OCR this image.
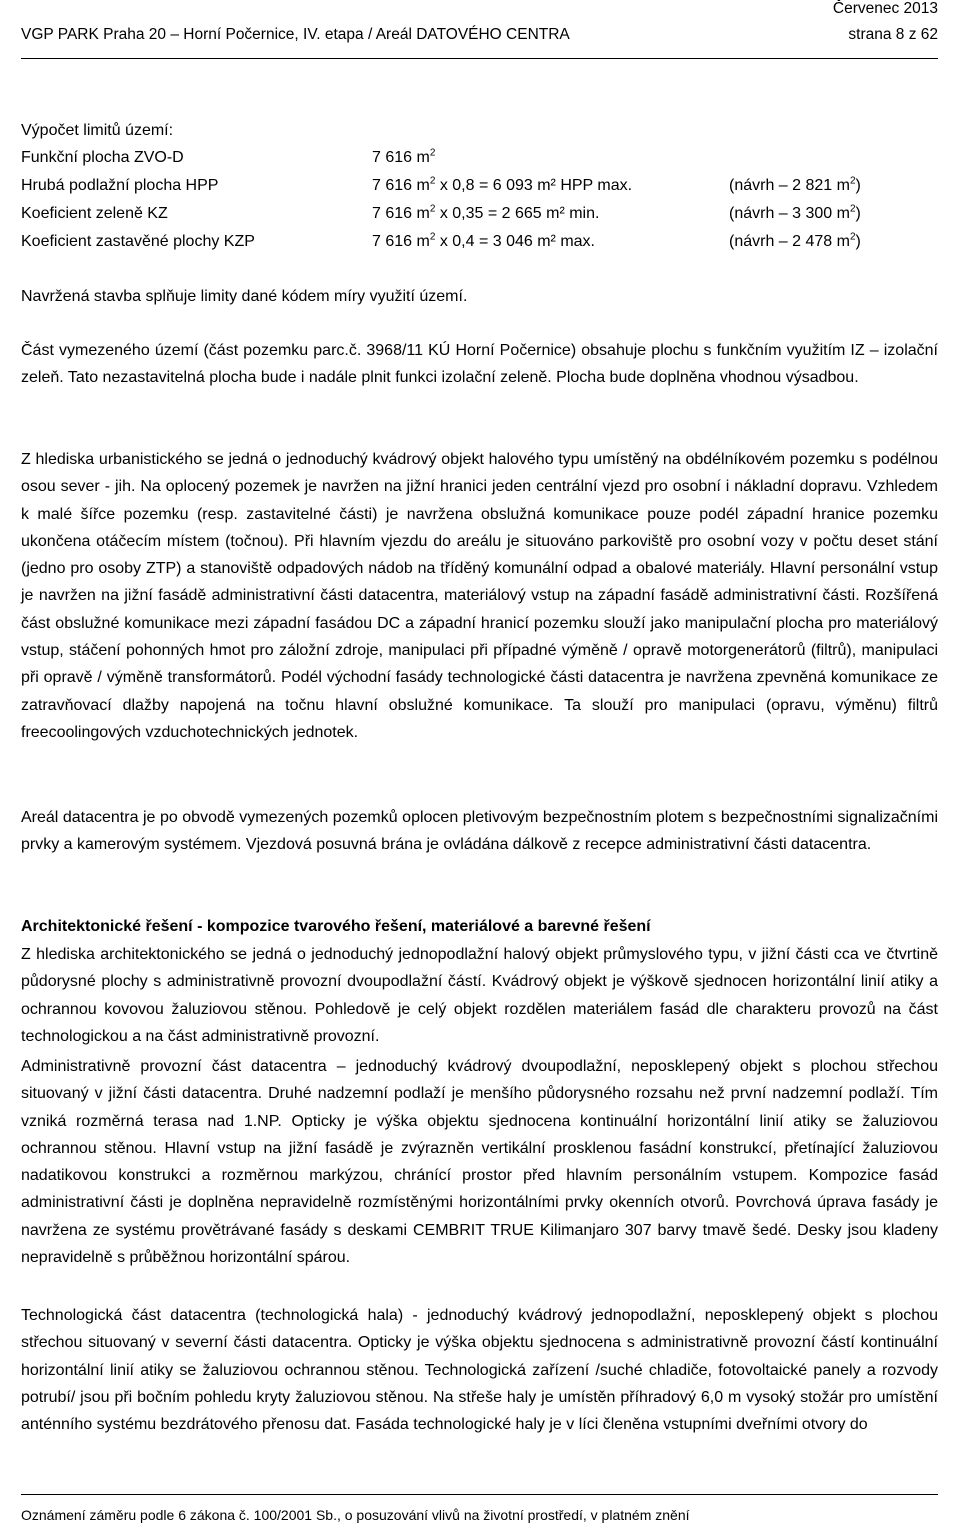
Červenec 2013
VGP PARK Praha 20 – Horní Počernice, IV. etapa / Areál DATOVÉHO CENTRA	strana 8 z 62
Výpočet limitů území:
Funkční plocha ZVO-D	7 616 $m^2$
Hrubá podlažní plocha HPP	7 616 $m^2$ x 0,8 = 6 093 m² HPP max.	(návrh – 2 821 $m^2$)
Koeficient zeleně KZ	7 616 $m^2$ x 0,35 = 2 665 m² min.	(návrh – 3 300 $m^2$)
Koeficient zastavěné plochy KZP	7 616 $m^2$ x 0,4 = 3 046 m² max.	(návrh – 2 478 $m^2$)

Navržená stavba splňuje limity dané kódem míry využití území.

Část vymezeného území (část pozemku parc.č. 3968/11 KÚ Horní Počernice) obsahuje plochu s funkčním využitím IZ – izolační zeleň. Tato nezastavitelná plocha bude i nadále plnit funkci izolační zeleně. Plocha bude doplněna vhodnou výsadbou.

Z hlediska urbanistického se jedná o jednoduchý kvádrový objekt halového typu umístěný na obdélníkovém pozemku s podélnou osou sever - jih. Na oplocený pozemek je navržen na jižní hranici jeden centrální vjezd pro osobní i nákladní dopravu. Vzhledem k malé šířce pozemku (resp. zastavitelné části) je navržena obslužná komunikace pouze podél západní hranice pozemku ukončena otáčecím místem (točnou). Při hlavním vjezdu do areálu je situováno parkoviště pro osobní vozy v počtu deset stání (jedno pro osoby ZTP) a stanoviště odpadových nádob na tříděný komunální odpad a obalové materiály. Hlavní personální vstup je navržen na jižní fasádě administrativní části datacentra, materiálový vstup na západní fasádě administrativní části. Rozšířená část obslužné komunikace mezi západní fasádou DC a západní hranicí pozemku slouží jako manipulační plocha pro materiálový vstup, stáčení pohonných hmot pro záložní zdroje, manipulaci při případné výměně / opravě motorgenerátorů (filtrů), manipulaci při opravě / výměně transformátorů. Podél východní fasády technologické části datacentra je navržena zpevněná komunikace ze zatravňovací dlažby napojená na točnu hlavní obslužné komunikace. Ta slouží pro manipulaci (opravu, výměnu) filtrů freecoolingových vzduchotechnických jednotek.

Areál datacentra je po obvodě vymezených pozemků oplocen pletivovým bezpečnostním plotem s bezpečnostními signalizačními prvky a kamerovým systémem. Vjezdová posuvná brána je ovládána dálkově z recepce administrativní části datacentra.

Architektonické řešení - kompozice tvarového řešení, materiálové a barevné řešení

Z hlediska architektonického se jedná o jednoduchý jednopodlažní halový objekt průmyslového typu, v jižní části cca ve čtvrtině půdorysné plochy s administrativně provozní dvoupodlažní částí. Kvádrový objekt je výškově sjednocen horizontální linií atiky a ochrannou kovovou žaluziovou stěnou. Pohledově je celý objekt rozdělen materiálem fasád dle charakteru provozů na část technologickou a na část administrativně provozní.

Administrativně provozní část datacentra – jednoduchý kvádrový dvoupodlažní, neposklepený objekt s plochou střechou situovaný v jižní části datacentra. Druhé nadzemní podlaží je menšího půdorysného rozsahu než první nadzemní podlaží. Tím vzniká rozměrná terasa nad 1.NP. Opticky je výška objektu sjednocena kontinuální horizontální linií atiky se žaluziovou ochrannou stěnou. Hlavní vstup na jižní fasádě je zvýrazněn vertikální prosklenou fasádní konstrukcí, přetínající žaluziovou nadatikovou konstrukci a rozměrnou markýzou, chránící prostor před hlavním personálním vstupem. Kompozice fasád administrativní části je doplněna nepravidelně rozmístěnými horizontálními prvky okenních otvorů. Povrchová úprava fasády je navržena ze systému provětrávané fasády s deskami CEMBRIT TRUE Kilimanjaro 307 barvy tmavě šedé. Desky jsou kladeny nepravidelně s průběžnou horizontální spárou.

Technologická část datacentra (technologická hala) - jednoduchý kvádrový jednopodlažní, neposklepený objekt s plochou střechou situovaný v severní části datacentra. Opticky je výška objektu sjednocena s administrativně provozní částí kontinuální horizontální linií atiky se žaluziovou ochrannou stěnou. Technologická zařízení /suché chladiče, fotovoltaické panely a rozvody potrubí/ jsou při bočním pohledu kryty žaluziovou stěnou. Na střeše haly je umístěn příhradový 6,0 m vysoký stožár pro umístění anténního systému bezdrátového přenosu dat. Fasáda technologické haly je v líci členěna vstupními dveřními otvory do

Oznámení záměru podle 6 zákona č. 100/2001 Sb., o posuzování vlivů na životní prostředí, v platném znění
